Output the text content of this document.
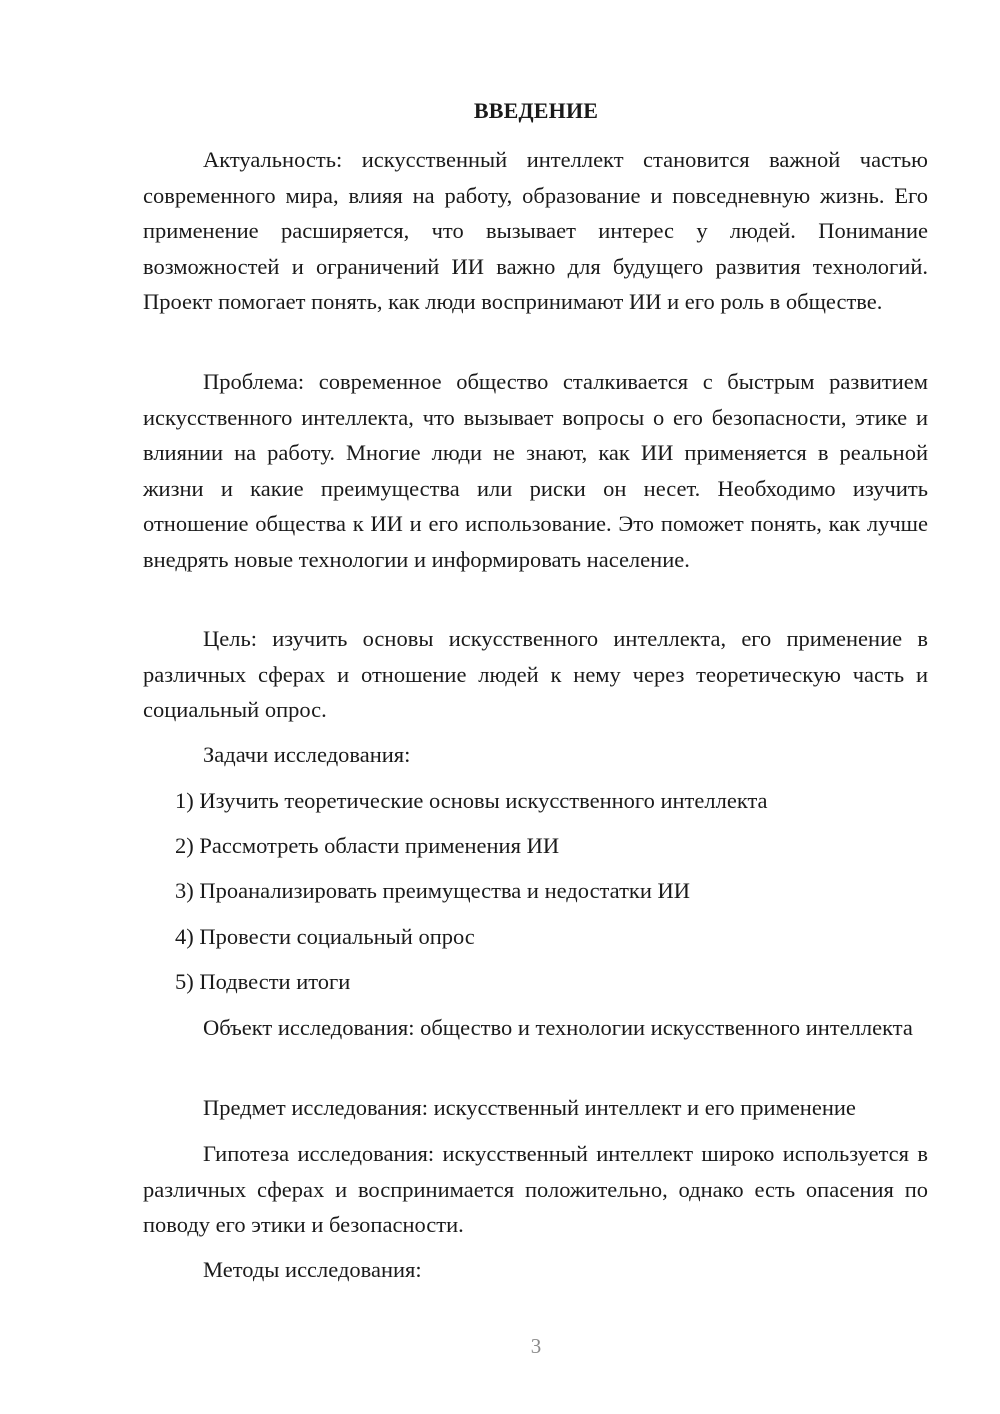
ВВЕДЕНИЕ

Актуальность: искусственный интеллект становится важной частью современного мира, влияя на работу, образование и повседневную жизнь. Его применение расширяется, что вызывает интерес у людей. Понимание возможностей и ограничений ИИ важно для будущего развития технологий. Проект помогает понять, как люди воспринимают ИИ и его роль в обществе.

Проблема: современное общество сталкивается с быстрым развитием искусственного интеллекта, что вызывает вопросы о его безопасности, этике и влиянии на работу. Многие люди не знают, как ИИ применяется в реальной жизни и какие преимущества или риски он несет. Необходимо изучить отношение общества к ИИ и его использование. Это поможет понять, как лучше внедрять новые технологии и информировать население.

Цель: изучить основы искусственного интеллекта, его применение в различных сферах и отношение людей к нему через теоретическую часть и социальный опрос.

Задачи исследования:

1) Изучить теоретические основы искусственного интеллекта

2) Рассмотреть области применения ИИ

3) Проанализировать преимущества и недостатки ИИ

4) Провести социальный опрос

5) Подвести итоги

Объект исследования: общество и технологии искусственного интеллекта

Предмет исследования: искусственный интеллект и его применение

Гипотеза исследования: искусственный интеллект широко используется в различных сферах и воспринимается положительно, однако есть опасения по поводу его этики и безопасности.

Методы исследования:

3
